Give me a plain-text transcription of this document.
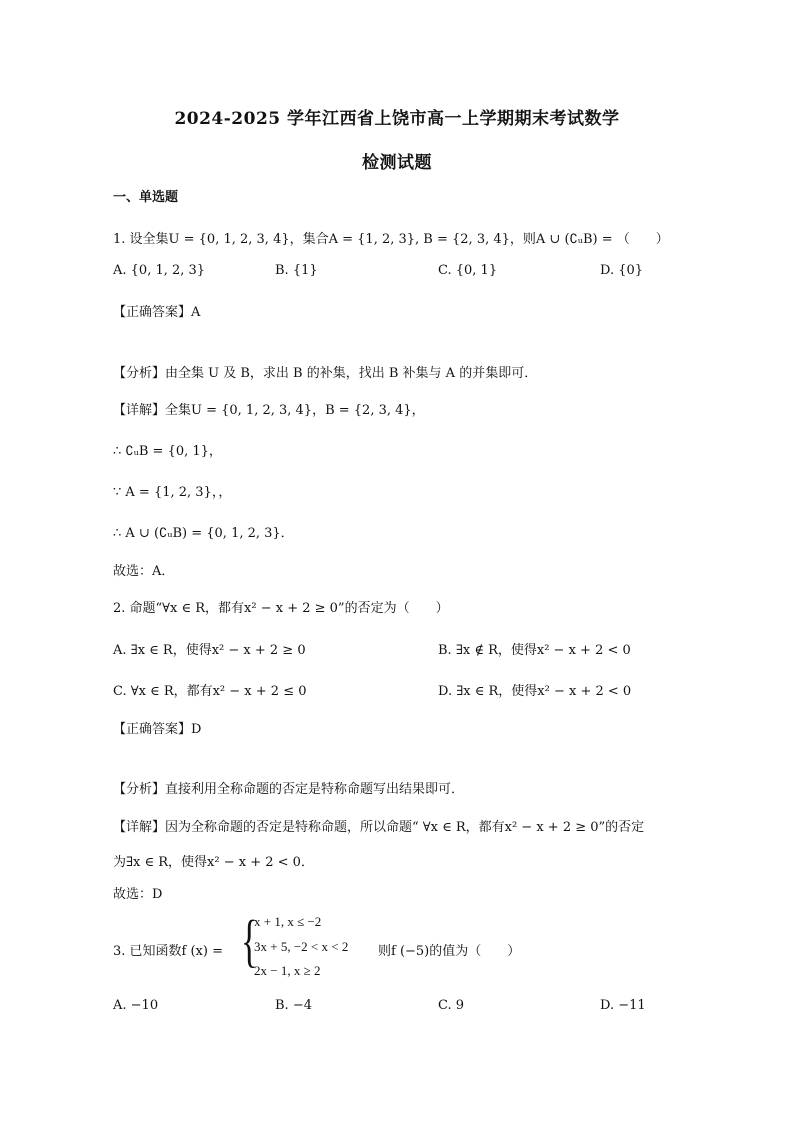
2024-2025 学年江西省上饶市高一上学期期末考试数学
检测试题
一、单选题
1. 设全集U = {0, 1, 2, 3, 4}，集合A = {1, 2, 3}, B = {2, 3, 4}，则A ∪ (∁ᵤB) = （　　）
A. {0, 1, 2, 3}	B. {1}	C. {0, 1}	D. {0}
【正确答案】A
【分析】由全集 U 及 B，求出 B 的补集，找出 B 补集与 A 的并集即可．
【详解】全集U = {0, 1, 2, 3, 4}，B = {2, 3, 4}，
∴ ∁ᵤB = {0, 1}，
∵ A = {1, 2, 3}，，
∴ A ∪ (∁ᵤB) = {0, 1, 2, 3}．
故选：A．
2. 命题“∀x ∈ R，都有x² − x + 2 ≥ 0”的否定为（　　）
A. ∃x ∈ R，使得x² − x + 2 ≥ 0	B. ∃x ∉ R，使得x² − x + 2 < 0
C. ∀x ∈ R，都有x² − x + 2 ≤ 0	D. ∃x ∈ R，使得x² − x + 2 < 0
【正确答案】D
【分析】直接利用全称命题的否定是特称命题写出结果即可．
【详解】因为全称命题的否定是特称命题，所以命题“ ∀x ∈ R，都有x² − x + 2 ≥ 0”的否定
为∃x ∈ R，使得x² − x + 2 < 0．
故选：D
3. 已知函数f (x) = {
x + 1, x ≤ −2
3x + 5, −2 < x < 2
2x − 1, x ≥ 2
则f (−5)的值为（　　）
A. −10	B. −4	C. 9	D. −11
